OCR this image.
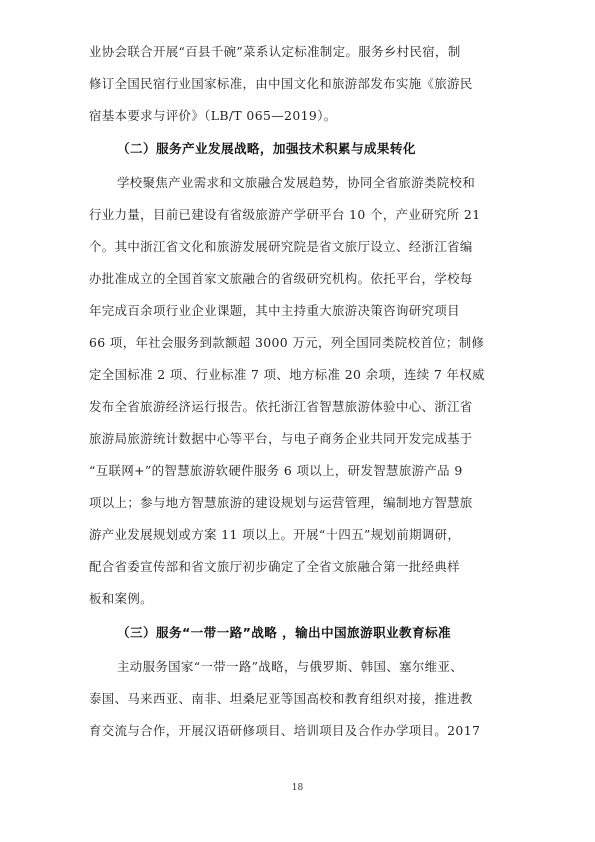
业协会联合开展“百县千碗”菜系认定标准制定。服务乡村民宿，制
修订全国民宿行业国家标准，由中国文化和旅游部发布实施《旅游民
宿基本要求与评价》（LB/T 065—2019）。
（二）服务产业发展战略，加强技术积累与成果转化
学校聚焦产业需求和文旅融合发展趋势，协同全省旅游类院校和
行业力量，目前已建设有省级旅游产学研平台 10 个，产业研究所 21
个。其中浙江省文化和旅游发展研究院是省文旅厅设立、经浙江省编
办批准成立的全国首家文旅融合的省级研究机构。依托平台，学校每
年完成百余项行业企业课题，其中主持重大旅游决策咨询研究项目
66 项，年社会服务到款额超 3000 万元，列全国同类院校首位；制修
定全国标准 2 项、行业标准 7 项、地方标准 20 余项，连续 7 年权威
发布全省旅游经济运行报告。依托浙江省智慧旅游体验中心、浙江省
旅游局旅游统计数据中心等平台，与电子商务企业共同开发完成基于
“互联网+”的智慧旅游软硬件服务 6 项以上，研发智慧旅游产品 9
项以上；参与地方智慧旅游的建设规划与运营管理，编制地方智慧旅
游产业发展规划或方案 11 项以上。开展“十四五”规划前期调研，
配合省委宣传部和省文旅厅初步确定了全省文旅融合第一批经典样
板和案例。
（三）服务“一带一路”战略 ，输出中国旅游职业教育标准
主动服务国家“一带一路”战略，与俄罗斯、韩国、塞尔维亚、
泰国、马来西亚、南非、坦桑尼亚等国高校和教育组织对接，推进教
育交流与合作，开展汉语研修项目、培训项目及合作办学项目。2017
18
